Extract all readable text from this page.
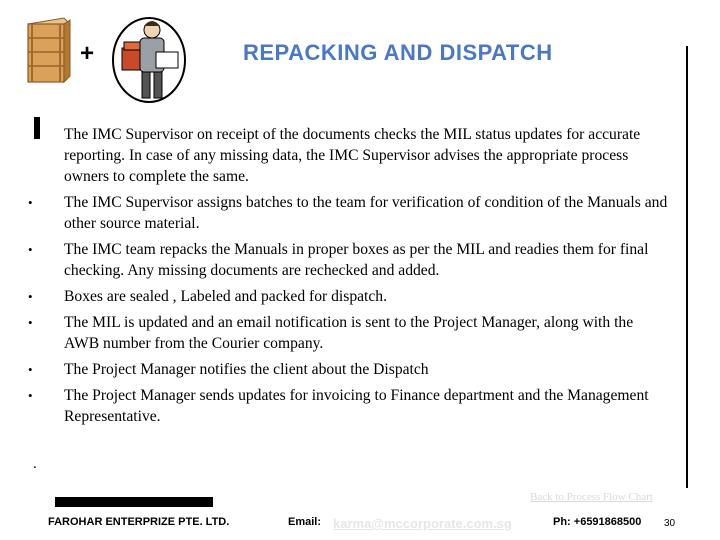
+	REPACKING AND DISPATCH
The IMC Supervisor on receipt of the documents checks the MIL status updates for accurate reporting. In case of any missing data, the IMC Supervisor advises the appropriate process owners to complete the same.
•	The IMC Supervisor assigns batches to the team for verification of condition of the Manuals and other source material.
•	The IMC team repacks the Manuals in proper boxes as per the MIL and readies them for final checking. Any missing documents are rechecked and added.
•	Boxes are sealed , Labeled and packed for dispatch.
•	The MIL is updated and an email notification is sent to the Project Manager, along with the AWB number from the Courier company.
•	The Project Manager notifies the client about the Dispatch
•	The Project Manager sends updates for invoicing to Finance department and the Management Representative.
.
Back to Process Flow Chart
FAROHAR ENTERPRIZE PTE. LTD.	Email: karma@mccorporate.com.sg	Ph: +6591868500 30
